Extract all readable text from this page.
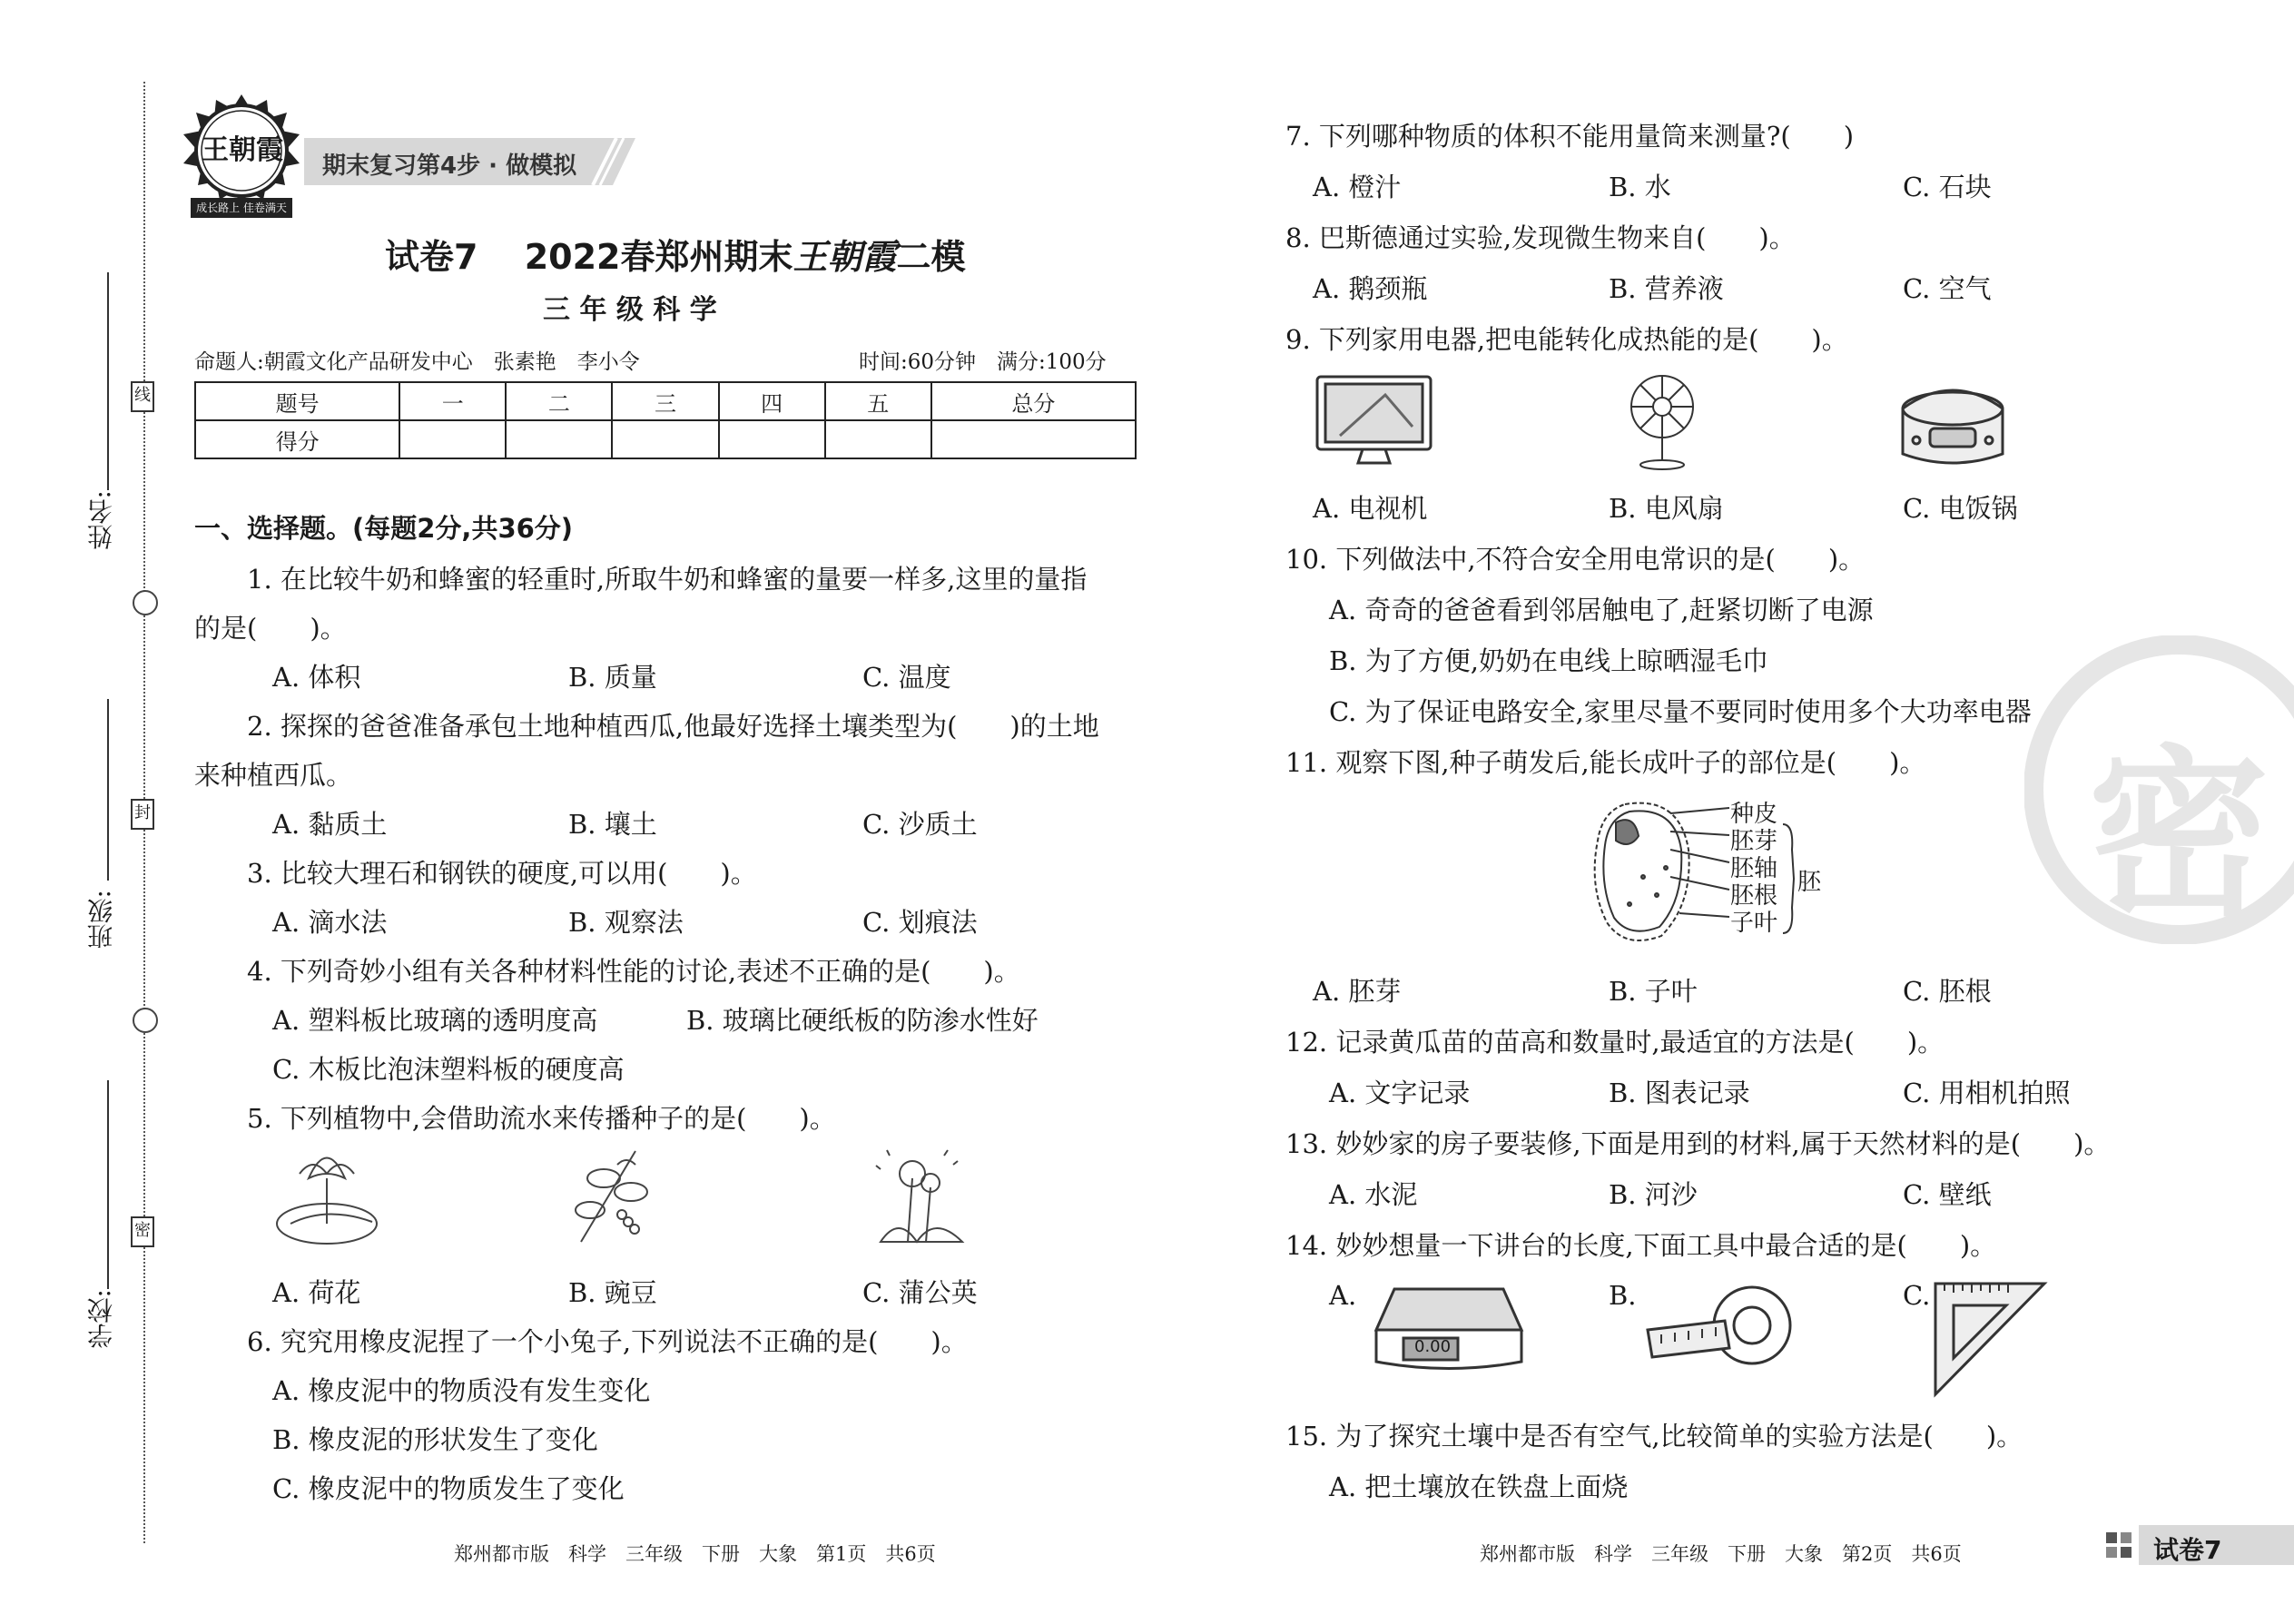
姓名:
班级:
学校:
线
封
密
王朝霞
成长路上 佳卷满天
期末复习第4步 · 做模拟
试卷7　 2022春郑州期末王朝霞二模
三 年 级 科 学
命题人:朝霞文化产品研发中心　张素艳　李小令	时间:60分钟　满分:100分
题号	一	二	三	四	五	总分
得分						
一、选择题。(每题2分,共36分)
1. 在比较牛奶和蜂蜜的轻重时,所取牛奶和蜂蜜的量要一样多,这里的量指
的是(　　)。
A. 体积	B. 质量	C. 温度
2. 探探的爸爸准备承包土地种植西瓜,他最好选择土壤类型为(　　)的土地
来种植西瓜。
A. 黏质土	B. 壤土	C. 沙质土
3. 比较大理石和钢铁的硬度,可以用(　　)。
A. 滴水法	B. 观察法	C. 划痕法
4. 下列奇妙小组有关各种材料性能的讨论,表述不正确的是(　　)。
A. 塑料板比玻璃的透明度高	B. 玻璃比硬纸板的防渗水性好
C. 木板比泡沫塑料板的硬度高
5. 下列植物中,会借助流水来传播种子的是(　　)。
A. 荷花	B. 豌豆	C. 蒲公英
6. 究究用橡皮泥捏了一个小兔子,下列说法不正确的是(　　)。
A. 橡皮泥中的物质没有发生变化
B. 橡皮泥的形状发生了变化
C. 橡皮泥中的物质发生了变化
郑州都市版　科学　三年级　下册　大象　第1页　共6页
密
7. 下列哪种物质的体积不能用量筒来测量?(　　)
A. 橙汁	B. 水	C. 石块
8. 巴斯德通过实验,发现微生物来自(　　)。
A. 鹅颈瓶	B. 营养液	C. 空气
9. 下列家用电器,把电能转化成热能的是(　　)。
A. 电视机	B. 电风扇	C. 电饭锅
10. 下列做法中,不符合安全用电常识的是(　　)。
A. 奇奇的爸爸看到邻居触电了,赶紧切断了电源
B. 为了方便,奶奶在电线上晾晒湿毛巾
C. 为了保证电路安全,家里尽量不要同时使用多个大功率电器
11. 观察下图,种子萌发后,能长成叶子的部位是(　　)。
种皮
胚芽
胚轴
胚根
子叶
胚
A. 胚芽	B. 子叶	C. 胚根
12. 记录黄瓜苗的苗高和数量时,最适宜的方法是(　　)。
A. 文字记录	B. 图表记录	C. 用相机拍照
13. 妙妙家的房子要装修,下面是用到的材料,属于天然材料的是(　　)。
A. 水泥	B. 河沙	C. 壁纸
14. 妙妙想量一下讲台的长度,下面工具中最合适的是(　　)。
A.
0.00
B.	C.
15. 为了探究土壤中是否有空气,比较简单的实验方法是(　　)。
A. 把土壤放在铁盘上面烧
郑州都市版　科学　三年级　下册　大象　第2页　共6页	试卷7
